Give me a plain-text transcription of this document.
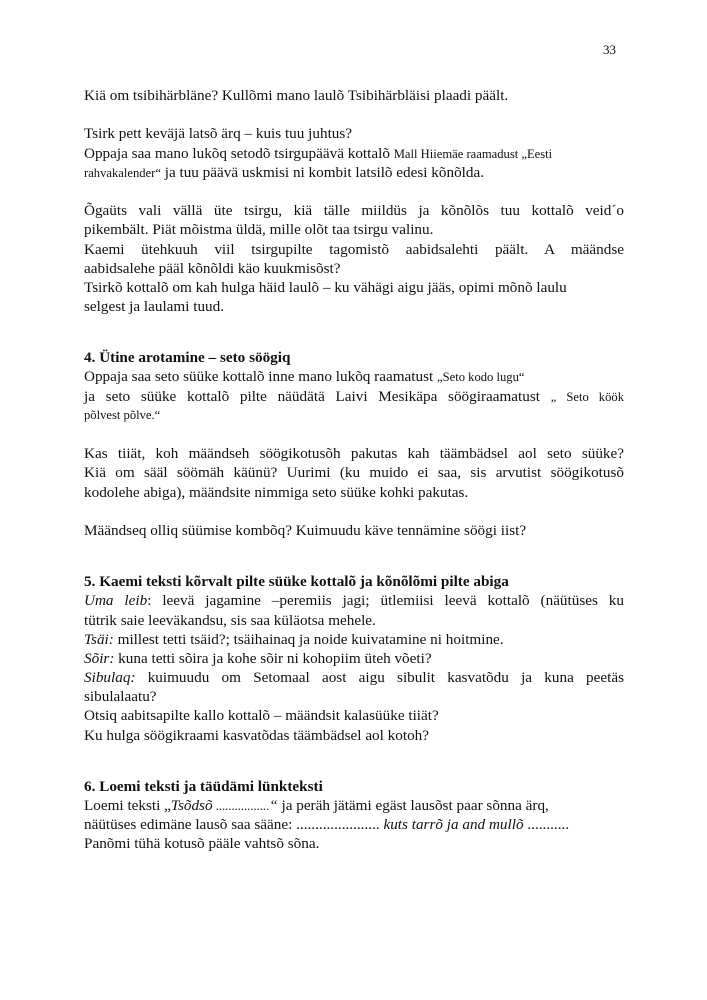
33
Kiä om tsibihärbläne? Kullõmi mano laulõ Tsibihärbläisi plaadi päält.
Tsirk pett keväjä latsõ ärq – kuis tuu juhtus?
Oppaja saa mano lukõq setodõ tsirgupäävä kottalõ Mall Hiiemäe raamadust „Eesti
rahvakalender“ ja tuu päävä uskmisi ni kombit latsilõ edesi kõnõlda.
Õgaüts vali vällä üte tsirgu, kiä tälle miildüs ja kõnõlõs tuu kottalõ veid´o
pikembält. Piät mõistma üldä, mille olõt taa tsirgu valinu.
Kaemi ütehkuuh viil tsirgupilte tagomistõ aabidsalehti päält. A määndse
aabidsalehe pääl kõnõldi käo kuukmisõst?
Tsirkõ kottalõ om kah hulga häid laulõ – ku vähägi aigu jääs, opimi mõnõ laulu
selgest ja laulami tuud.
4. Ütine arotamine – seto söögiq
Oppaja saa seto süüke kottalõ inne mano lukõq raamatust „Seto kodo lugu“
ja seto süüke kottalõ pilte näüdätä Laivi Mesikäpa söögiraamatust „ Seto köök
põlvest põlve.“
Kas tiiät, koh määndseh söögikotusõh pakutas kah täämbädsel aol seto süüke?
Kiä om sääl söömäh käünü? Uurimi (ku muido ei saa, sis arvutist söögikotusõ
kodolehe abiga), määndsite nimmiga seto süüke kohki pakutas.
Määndseq olliq süümise kombõq? Kuimuudu käve tennämine söögi iist?
5. Kaemi teksti kõrvalt pilte süüke kottalõ ja kõnõlõmi pilte abiga
Uma leib: leevä jagamine –peremiis jagi; ütlemiisi leevä kottalõ (näütüses ku
tütrik saie leeväkandsu, sis saa küläotsa mehele.
Tsäi: millest tetti tsäid?; tsäihainaq ja noide kuivatamine ni hoitmine.
Sõir: kuna tetti sõira ja kohe sõir ni kohopiim üteh võeti?
Sibulaq: kuimuudu om Setomaal aost aigu sibulit kasvatõdu ja kuna peetäs
sibulalaatu?
Otsiq aabitsapilte kallo kottalõ – määndsit kalasüüke tiiät?
Ku hulga söögikraami kasvatõdas täämbädsel aol kotoh?
6. Loemi teksti ja täüdämi lünkteksti
Loemi teksti „Tsõdsõ .................“ ja peräh jätämi egäst lausõst paar sõnna ärq,
näütüses edimäne lausõ saa sääne: ...................... kuts tarrõ ja and mullõ ...........
Panõmi tühä kotusõ pääle vahtsõ sõna.
